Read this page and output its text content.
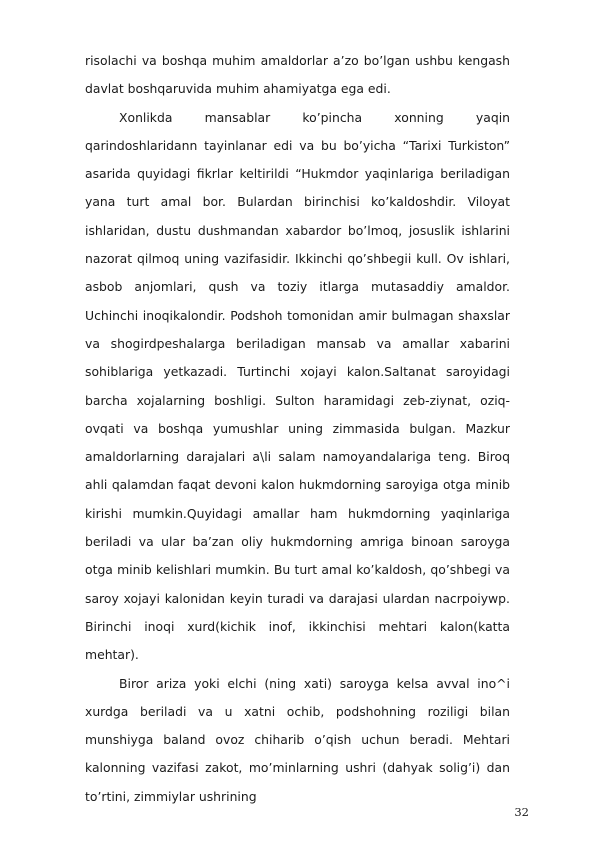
risolachi va boshqa muhim amaldorlar a’zo bo’lgan ushbu kengash davlat boshqaruvida muhim ahamiyatga ega edi.

Xonlikda mansablar ko’pincha xonning yaqin qarindoshlaridann tayinlanar edi va bu bo’yicha “Tarixi Turkiston” asarida quyidagi fikrlar keltirildi “Hukmdor yaqinlariga beriladigan yana turt amal bor. Bulardan birinchisi ko’kaldoshdir. Viloyat ishlaridan, dustu dushmandan xabardor bo’lmoq, josuslik ishlarini nazorat qilmoq uning vazifasidir. Ikkinchi qo’shbegii kull. Ov ishlari, asbob anjomlari, qush va toziy itlarga mutasaddiy amaldor. Uchinchi inoqikalondir. Podshoh tomonidan amir bulmagan shaxslar va shogirdpeshalarga beriladigan mansab va amallar xabarini sohiblariga yetkazadi. Turtinchi xojayi kalon.Saltanat saroyidagi barcha xojalarning boshligi. Sulton haramidagi zeb-ziynat, oziq-ovqati va boshqa yumushlar uning zimmasida bulgan. Mazkur amaldorlarning darajalari a\li salam namoyandalariga teng. Biroq ahli qalamdan faqat devoni kalon hukmdorning saroyiga otga minib kirishi mumkin.Quyidagi amallar ham hukmdorning yaqinlariga beriladi va ular ba’zan oliy hukmdorning amriga binoan saroyga otga minib kelishlari mumkin. Bu turt amal ko’kaldosh, qo’shbegi va saroy xojayi kalonidan keyin turadi va darajasi ulardan nacrpoiywp. Birinchi inoqi xurd(kichik inof, ikkinchisi mehtari kalon(katta mehtar).

Biror ariza yoki elchi (ning xati) saroyga kelsa avval ino^i xurdga beriladi va u xatni ochib, podshohning roziligi bilan munshiyga baland ovoz chiharib o’qish uchun beradi. Mehtari kalonning vazifasi zakot, mo’minlarning ushri (dahyak solig’i) dan to’rtini, zimmiylar ushrining

32
